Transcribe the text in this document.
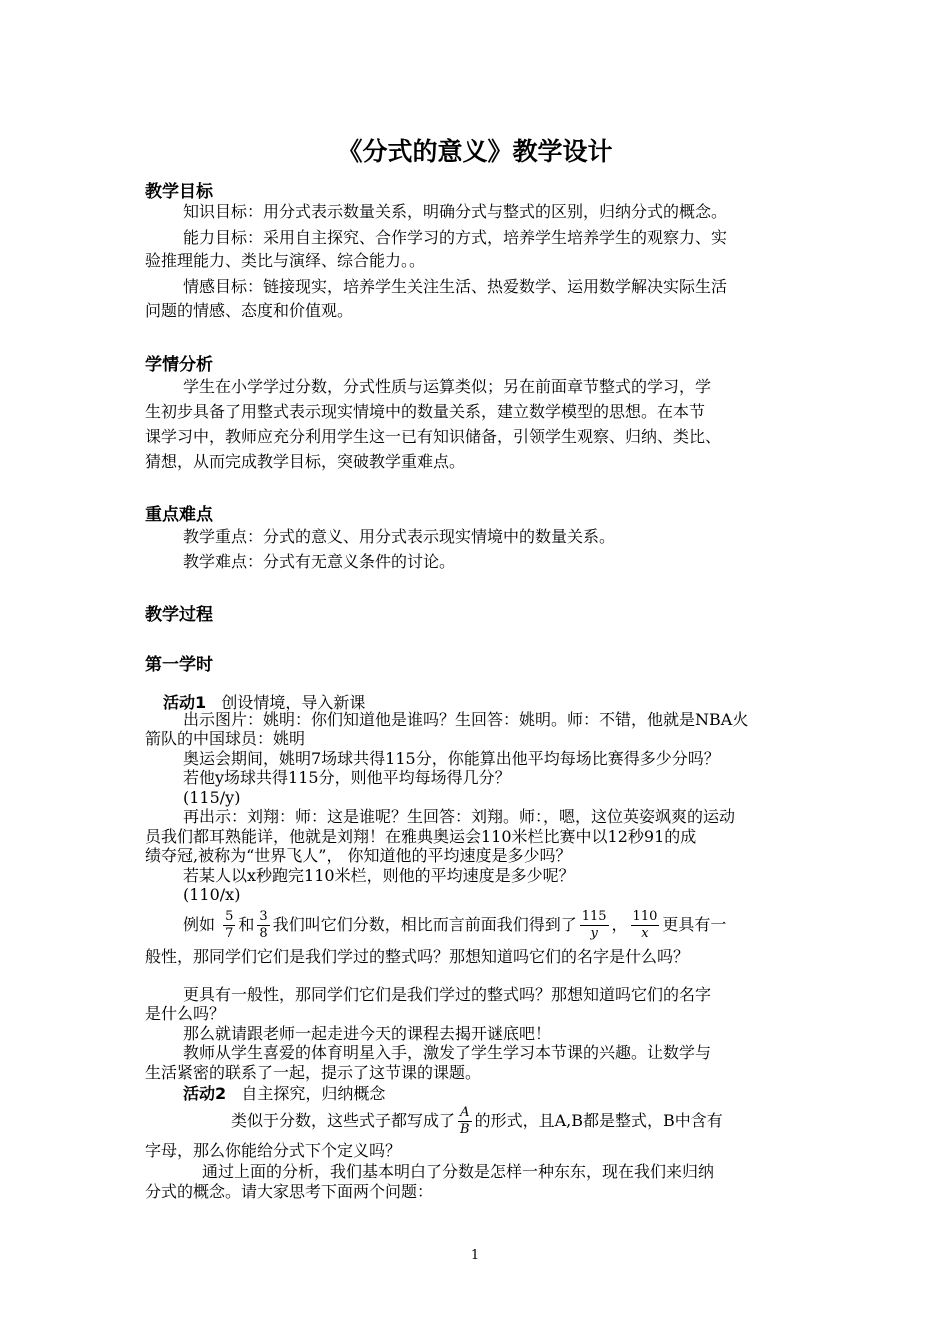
《分式的意义》教学设计
教学目标
知识目标：用分式表示数量关系，明确分式与整式的区别，归纳分式的概念。
能力目标：采用自主探究、合作学习的方式，培养学生培养学生的观察力、实
验推理能力、类比与演绎、综合能力。。
情感目标：链接现实，培养学生关注生活、热爱数学、运用数学解决实际生活
问题的情感、态度和价值观。
学情分析
学生在小学学过分数，分式性质与运算类似；另在前面章节整式的学习，学
生初步具备了用整式表示现实情境中的数量关系，建立数学模型的思想。在本节
课学习中，教师应充分利用学生这一已有知识储备，引领学生观察、归纳、类比、
猜想，从而完成教学目标，突破教学重难点。
重点难点
教学重点：分式的意义、用分式表示现实情境中的数量关系。
教学难点：分式有无意义条件的讨论。
教学过程
第一学时
活动1 创设情境，导入新课
出示图片：姚明：你们知道他是谁吗？生回答：姚明。师：不错，他就是NBA火
箭队的中国球员：姚明
奥运会期间，姚明7场球共得115分，你能算出他平均每场比赛得多少分吗？
若他y场球共得115分，则他平均每场得几分？
(115/y)
再出示：刘翔：师：这是谁呢？生回答：刘翔。师：，嗯，这位英姿飒爽的运动
员我们都耳熟能详，他就是刘翔！在雅典奥运会110米栏比赛中以12秒91的成
绩夺冠,被称为“世界飞人”， 你知道他的平均速度是多少吗？
若某人以x秒跑完110米栏，则他的平均速度是多少呢？
(110/x)
例如 $\frac{5}{7}$ 和 $\frac{3}{8}$ 我们叫它们分数，相比而言前面我们得到了 $\frac{115}{y}$ ， $\frac{110}{x}$ 更具有一
般性，那同学们它们是我们学过的整式吗？那想知道吗它们的名字是什么吗？
更具有一般性，那同学们它们是我们学过的整式吗？那想知道吗它们的名字
是什么吗？
那么就请跟老师一起走进今天的课程去揭开谜底吧！
教师从学生喜爱的体育明星入手，激发了学生学习本节课的兴趣。让数学与
生活紧密的联系了一起，提示了这节课的课题。
活动2 自主探究，归纳概念
类似于分数，这些式子都写成了 $\frac{A}{B}$ 的形式，且A,B都是整式，B中含有
字母，那么你能给分式下个定义吗？
通过上面的分析，我们基本明白了分数是怎样一种东东，现在我们来归纳
分式的概念。请大家思考下面两个问题：
1
